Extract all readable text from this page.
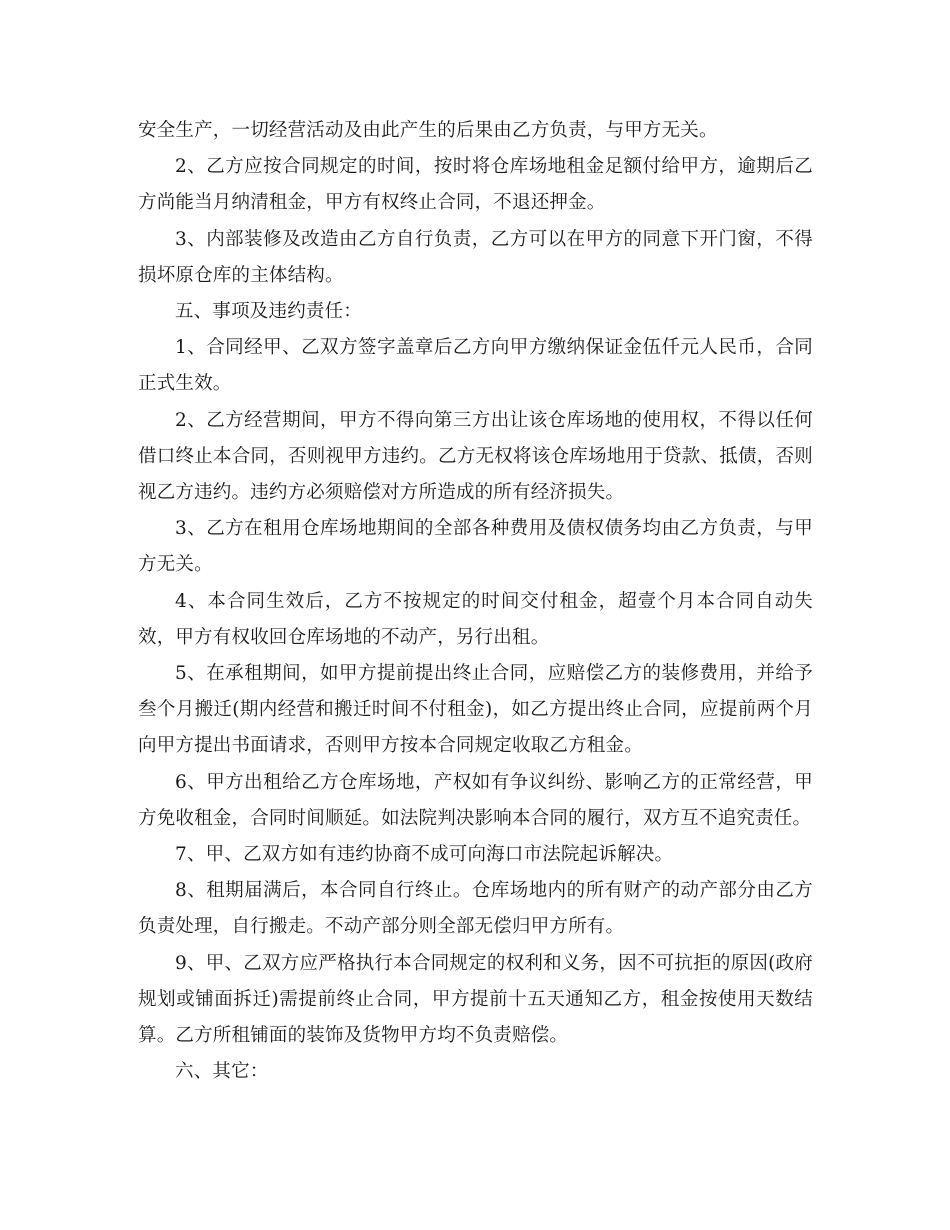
安全生产，一切经营活动及由此产生的后果由乙方负责，与甲方无关。

2、乙方应按合同规定的时间，按时将仓库场地租金足额付给甲方，逾期后乙方尚能当月纳清租金，甲方有权终止合同，不退还押金。

3、内部装修及改造由乙方自行负责，乙方可以在甲方的同意下开门窗，不得损坏原仓库的主体结构。

五、事项及违约责任：

1、合同经甲、乙双方签字盖章后乙方向甲方缴纳保证金伍仟元人民币，合同正式生效。

2、乙方经营期间，甲方不得向第三方出让该仓库场地的使用权，不得以任何借口终止本合同，否则视甲方违约。乙方无权将该仓库场地用于贷款、抵债，否则视乙方违约。违约方必须赔偿对方所造成的所有经济损失。

3、乙方在租用仓库场地期间的全部各种费用及债权债务均由乙方负责，与甲方无关。

4、本合同生效后，乙方不按规定的时间交付租金，超壹个月本合同自动失效，甲方有权收回仓库场地的不动产，另行出租。

5、在承租期间，如甲方提前提出终止合同，应赔偿乙方的装修费用，并给予叁个月搬迁(期内经营和搬迁时间不付租金)，如乙方提出终止合同，应提前两个月向甲方提出书面请求，否则甲方按本合同规定收取乙方租金。

6、甲方出租给乙方仓库场地，产权如有争议纠纷、影响乙方的正常经营，甲方免收租金，合同时间顺延。如法院判决影响本合同的履行，双方互不追究责任。

7、甲、乙双方如有违约协商不成可向海口市法院起诉解决。

8、租期届满后，本合同自行终止。仓库场地内的所有财产的动产部分由乙方负责处理，自行搬走。不动产部分则全部无偿归甲方所有。

9、甲、乙双方应严格执行本合同规定的权利和义务，因不可抗拒的原因(政府规划或铺面拆迁)需提前终止合同，甲方提前十五天通知乙方，租金按使用天数结算。乙方所租铺面的装饰及货物甲方均不负责赔偿。

六、其它：
